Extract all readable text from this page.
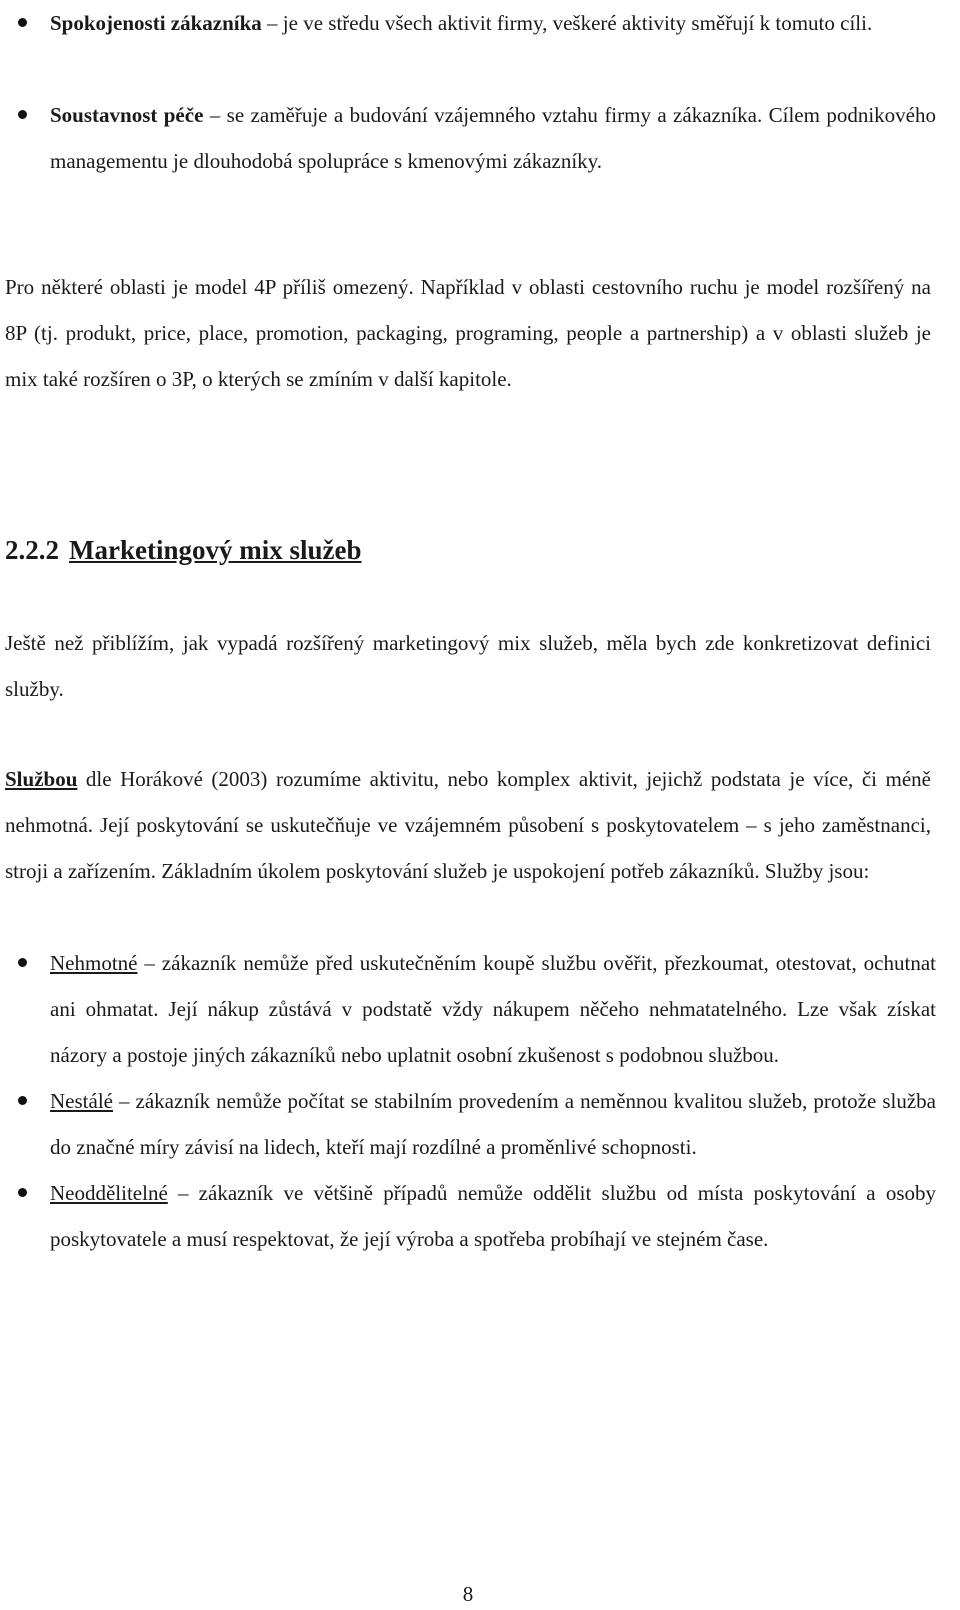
Spokojenosti zákazníka – je ve středu všech aktivit firmy, veškeré aktivity směřují k tomuto cíli.
Soustavnost péče – se zaměřuje a budování vzájemného vztahu firmy a zákazníka. Cílem podnikového managementu je dlouhodobá spolupráce s kmenovými zákazníky.

Pro některé oblasti je model 4P příliš omezený. Například v oblasti cestovního ruchu je model rozšířený na 8P (tj. produkt, price, place, promotion, packaging, programing, people a partnership) a v oblasti služeb je mix také rozšíren o 3P, o kterých se zmíním v další kapitole.

2.2.2 Marketingový mix služeb

Ještě než přiblížím, jak vypadá rozšířený marketingový mix služeb, měla bych zde konkretizovat definici služby.

Službou dle Horákové (2003) rozumíme aktivitu, nebo komplex aktivit, jejichž podstata je více, či méně nehmotná. Její poskytování se uskutečňuje ve vzájemném působení s poskytovatelem – s jeho zaměstnanci, stroji a zařízením. Základním úkolem poskytování služeb je uspokojení potřeb zákazníků. Služby jsou:

Nehmotné – zákazník nemůže před uskutečněním koupě službu ověřit, přezkoumat, otestovat, ochutnat ani ohmatat. Její nákup zůstává v podstatě vždy nákupem něčeho nehmatatelného. Lze však získat názory a postoje jiných zákazníků nebo uplatnit osobní zkušenost s podobnou službou.
Nestálé – zákazník nemůže počítat se stabilním provedením a neměnnou kvalitou služeb, protože služba do značné míry závisí na lidech, kteří mají rozdílné a proměnlivé schopnosti.
Neoddělitelné – zákazník ve většině případů nemůže oddělit službu od místa poskytování a osoby poskytovatele a musí respektovat, že její výroba a spotřeba probíhají ve stejném čase.
8
